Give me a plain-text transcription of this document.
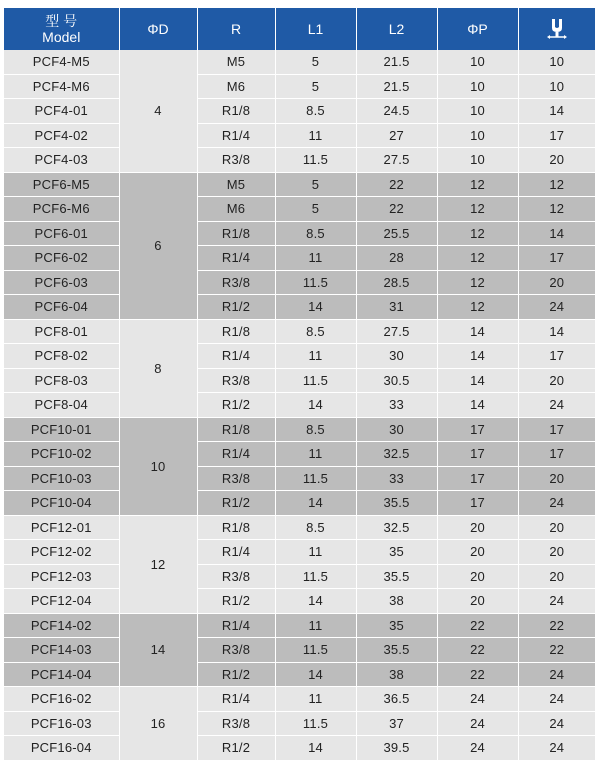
型 号
Model	ΦD	R	L1	L2	ΦP	
PCF4-M5	4	M5	5	21.5	10	10
PCF4-M6		M6	5	21.5	10	10
PCF4-01		R1/8	8.5	24.5	10	14
PCF4-02		R1/4	11	27	10	17
PCF4-03		R3/8	11.5	27.5	10	20
PCF6-M5	6	M5	5	22	12	12
PCF6-M6		M6	5	22	12	12
PCF6-01		R1/8	8.5	25.5	12	14
PCF6-02		R1/4	11	28	12	17
PCF6-03		R3/8	11.5	28.5	12	20
PCF6-04		R1/2	14	31	12	24
PCF8-01	8	R1/8	8.5	27.5	14	14
PCF8-02		R1/4	11	30	14	17
PCF8-03		R3/8	11.5	30.5	14	20
PCF8-04		R1/2	14	33	14	24
PCF10-01	10	R1/8	8.5	30	17	17
PCF10-02		R1/4	11	32.5	17	17
PCF10-03		R3/8	11.5	33	17	20
PCF10-04		R1/2	14	35.5	17	24
PCF12-01	12	R1/8	8.5	32.5	20	20
PCF12-02		R1/4	11	35	20	20
PCF12-03		R3/8	11.5	35.5	20	20
PCF12-04		R1/2	14	38	20	24
PCF14-02	14	R1/4	11	35	22	22
PCF14-03		R3/8	11.5	35.5	22	22
PCF14-04		R1/2	14	38	22	24
PCF16-02	16	R1/4	11	36.5	24	24
PCF16-03		R3/8	11.5	37	24	24
PCF16-04		R1/2	14	39.5	24	24
